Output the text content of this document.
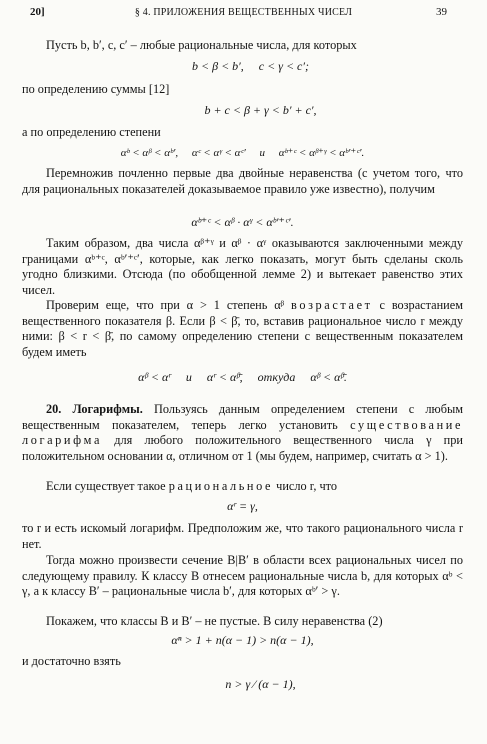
20]	§ 4. ПРИЛОЖЕНИЯ ВЕЩЕСТВЕННЫХ ЧИСЕЛ	39
Пусть b, b′, c, c′ – любые рациональные числа, для которых
b < β < b′,     c < γ < c′;
по определению суммы [12]
b + c < β + γ < b′ + c′,
а по определению степени
αᵇ < αᵝ < αᵇ′,     αᶜ < αᵞ < αᶜ′     и     αᵇ⁺ᶜ < αᵝ⁺ᵞ < αᵇ′⁺ᶜ′.
Перемножив почленно первые два двойные неравенства (с учетом того, что для рациональных показателей доказываемое правило уже известно), получим
αᵇ⁺ᶜ < αᵝ · αᵞ < αᵇ′⁺ᶜ′.
Таким образом, два числа αᵝ⁺ᵞ и αᵝ · αᵞ оказываются заключенными между границами αᵇ⁺ᶜ, αᵇ′⁺ᶜ′, которые, как легко показать, могут быть сделаны сколь угодно близкими. Отсюда (по обобщенной лемме 2) и вытекает равенство этих чисел.
Проверим еще, что при α > 1 степень αᵝ возрастает с возрастанием вещественного показателя β. Если β < β̄, то, вставив рациональное число r между ними: β < r < β̄, по самому определению степени с вещественным показателем будем иметь
αᵝ < αʳ     и     αʳ < αᵝ̄,     откуда     αᵝ < αᵝ̄.
20. Логарифмы. Пользуясь данным определением степени с любым вещественным показателем, теперь легко установить существование логарифма для любого положительного вещественного числа γ при положительном основании α, отличном от 1 (мы будем, например, считать α > 1).
Если существует такое рациональное число r, что
αʳ = γ,
то r и есть искомый логарифм. Предположим же, что такого рационального числа r нет.
Тогда можно произвести сечение B|B′ в области всех рациональных чисел по следующему правилу. К классу B отнесем рациональные числа b, для которых αᵇ < γ, а к классу B′ – рациональные числа b′, для которых αᵇ′ > γ.
Покажем, что классы B и B′ – не пустые. В силу неравенства (2)
αⁿ > 1 + n(α − 1) > n(α − 1),
и достаточно взять
n > γ ⁄ (α − 1),
